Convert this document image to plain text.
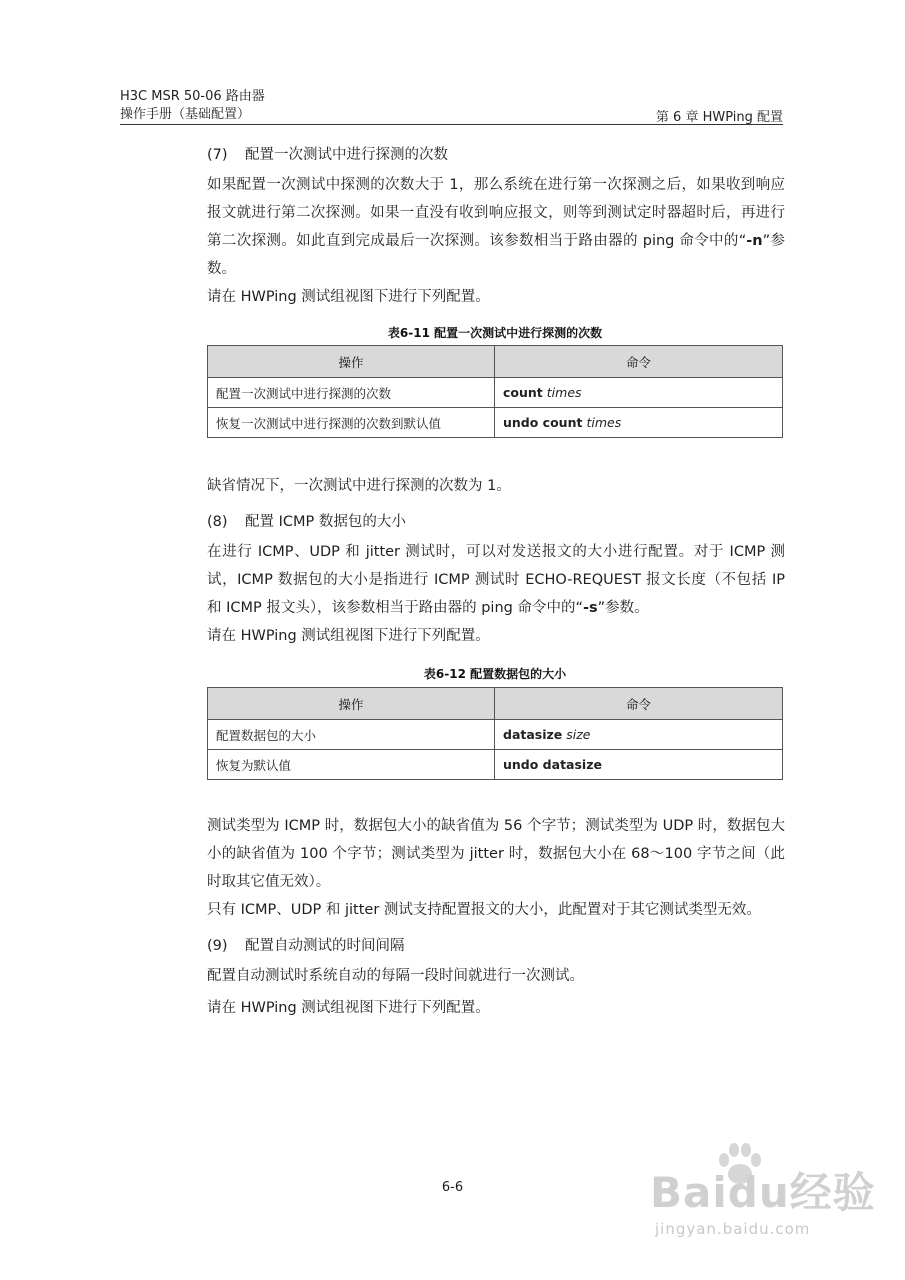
H3C MSR 50-06 路由器
操作手册（基础配置）	第 6 章 HWPing 配置
(7) 配置一次测试中进行探测的次数
如果配置一次测试中探测的次数大于 1，那么系统在进行第一次探测之后，如果收到响应报文就进行第二次探测。如果一直没有收到响应报文，则等到测试定时器超时后，再进行第二次探测。如此直到完成最后一次探测。该参数相当于路由器的 ping 命令中的“-n”参数。
请在 HWPing 测试组视图下进行下列配置。
表6-11 配置一次测试中进行探测的次数
操作	命令
配置一次测试中进行探测的次数	count times
恢复一次测试中进行探测的次数到默认值	undo count times
缺省情况下，一次测试中进行探测的次数为 1。
(8) 配置 ICMP 数据包的大小
在进行 ICMP、UDP 和 jitter 测试时，可以对发送报文的大小进行配置。对于 ICMP 测试，ICMP 数据包的大小是指进行 ICMP 测试时 ECHO-REQUEST 报文长度（不包括 IP 和 ICMP 报文头），该参数相当于路由器的 ping 命令中的“-s”参数。
请在 HWPing 测试组视图下进行下列配置。
表6-12 配置数据包的大小
操作	命令
配置数据包的大小	datasize size
恢复为默认值	undo datasize
测试类型为 ICMP 时，数据包大小的缺省值为 56 个字节；测试类型为 UDP 时，数据包大小的缺省值为 100 个字节；测试类型为 jitter 时，数据包大小在 68～100 字节之间（此时取其它值无效）。
只有 ICMP、UDP 和 jitter 测试支持配置报文的大小，此配置对于其它测试类型无效。
(9) 配置自动测试的时间间隔
配置自动测试时系统自动的每隔一段时间就进行一次测试。
请在 HWPing 测试组视图下进行下列配置。
6-6	Baidu经验
jingyan.baidu.com
